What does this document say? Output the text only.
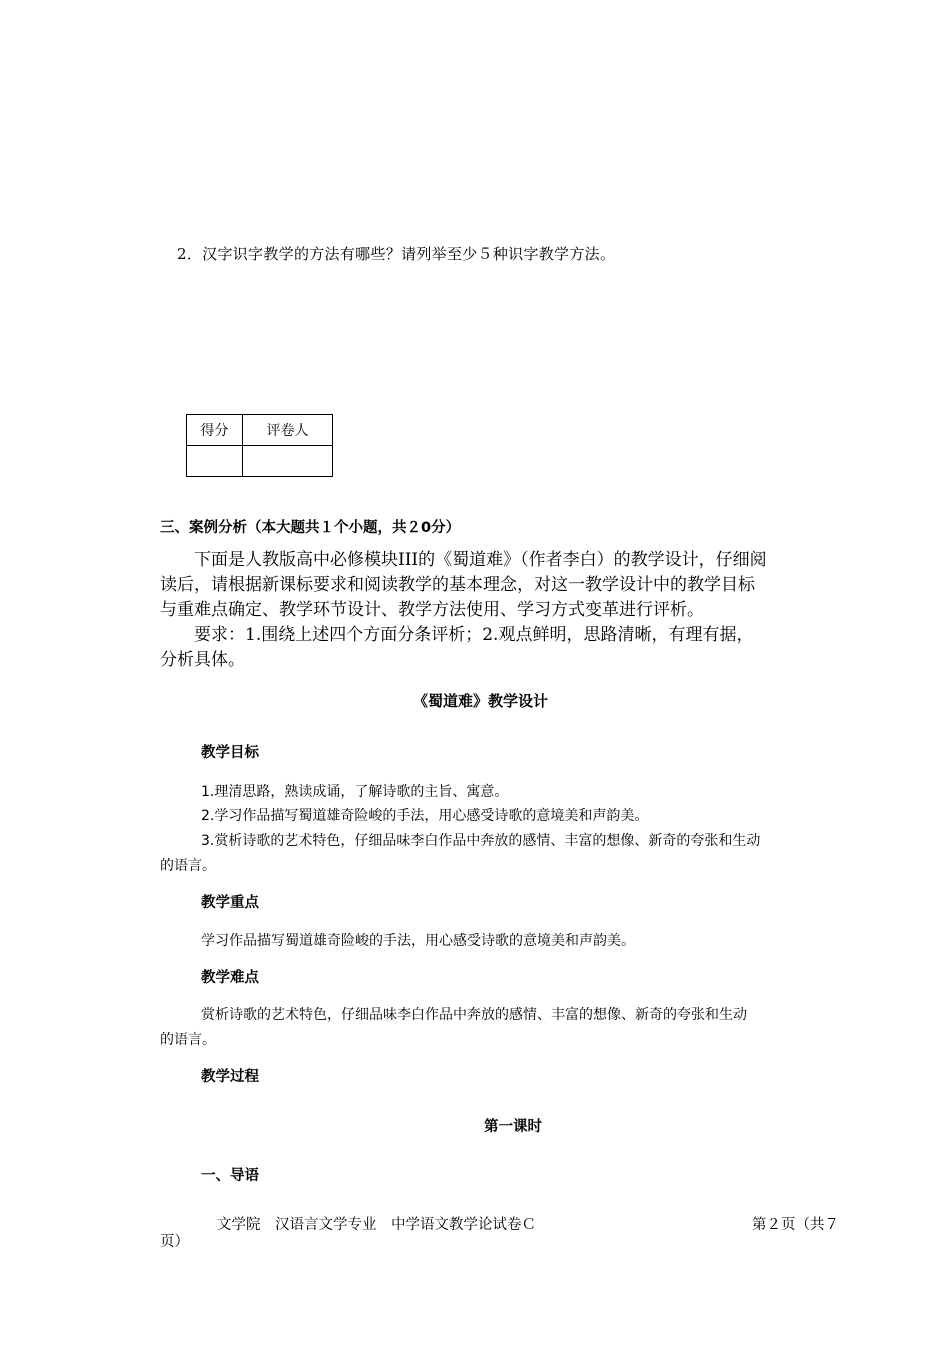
2．汉字识字教学的方法有哪些？请列举至少５种识字教学方法。
得分	评卷人

三、案例分析（本大题共１个小题，共２0分）

下面是人教版高中必修模块III的《蜀道难》（作者李白）的教学设计，仔细阅

读后，请根据新课标要求和阅读教学的基本理念，对这一教学设计中的教学目标

与重难点确定、教学环节设计、教学方法使用、学习方式变革进行评析。

要求：1.围绕上述四个方面分条评析；2.观点鲜明，思路清晰，有理有据，

分析具体。

《蜀道难》教学设计
教学目标
1.理清思路，熟读成诵，了解诗歌的主旨、寓意。
2.学习作品描写蜀道雄奇险峻的手法，用心感受诗歌的意境美和声韵美。
3.赏析诗歌的艺术特色，仔细品味李白作品中奔放的感情、丰富的想像、新奇的夸张和生动
的语言。
教学重点
学习作品描写蜀道雄奇险峻的手法，用心感受诗歌的意境美和声韵美。
教学难点
赏析诗歌的艺术特色，仔细品味李白作品中奔放的感情、丰富的想像、新奇的夸张和生动
的语言。
教学过程
第一课时
一、导语
文学院　汉语言文学专业　中学语文教学论试卷Ｃ	第２页（共７
页）
